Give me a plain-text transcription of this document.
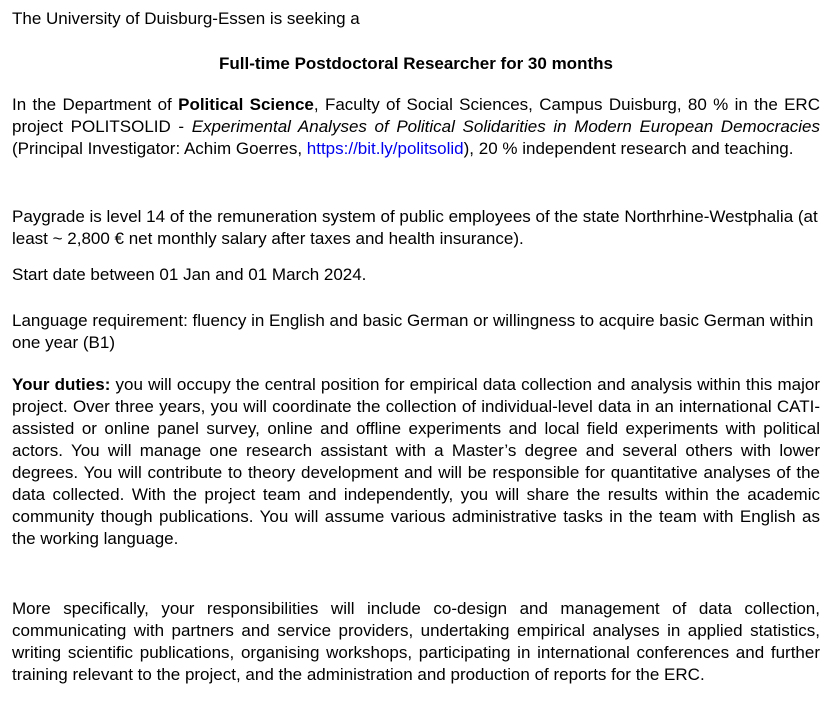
The University of Duisburg-Essen is seeking a

Full-time Postdoctoral Researcher for 30 months

In the Department of Political Science, Faculty of Social Sciences, Campus Duisburg, 80 % in the ERC project POLITSOLID - Experimental Analyses of Political Solidarities in Modern European Democracies (Principal Investigator: Achim Goerres, https://bit.ly/politsolid), 20 % independent research and teaching.

Paygrade is level 14 of the remuneration system of public employees of the state Northrhine-Westphalia (at least ~ 2,800 € net monthly salary after taxes and health insurance).

Start date between 01 Jan and 01 March 2024.

Language requirement: fluency in English and basic German or willingness to acquire basic German within one year (B1)

Your duties: you will occupy the central position for empirical data collection and analysis within this major project. Over three years, you will coordinate the collection of individual-level data in an international CATI-assisted or online panel survey, online and offline experiments and local field experiments with political actors. You will manage one research assistant with a Master’s degree and several others with lower degrees. You will contribute to theory development and will be responsible for quantitative analyses of the data collected. With the project team and independently, you will share the results within the academic community though publications. You will assume various administrative tasks in the team with English as the working language.

More specifically, your responsibilities will include co-design and management of data collection, communicating with partners and service providers, undertaking empirical analyses in applied statistics, writing scientific publications, organising workshops, participating in international conferences and further training relevant to the project, and the administration and production of reports for the ERC.
